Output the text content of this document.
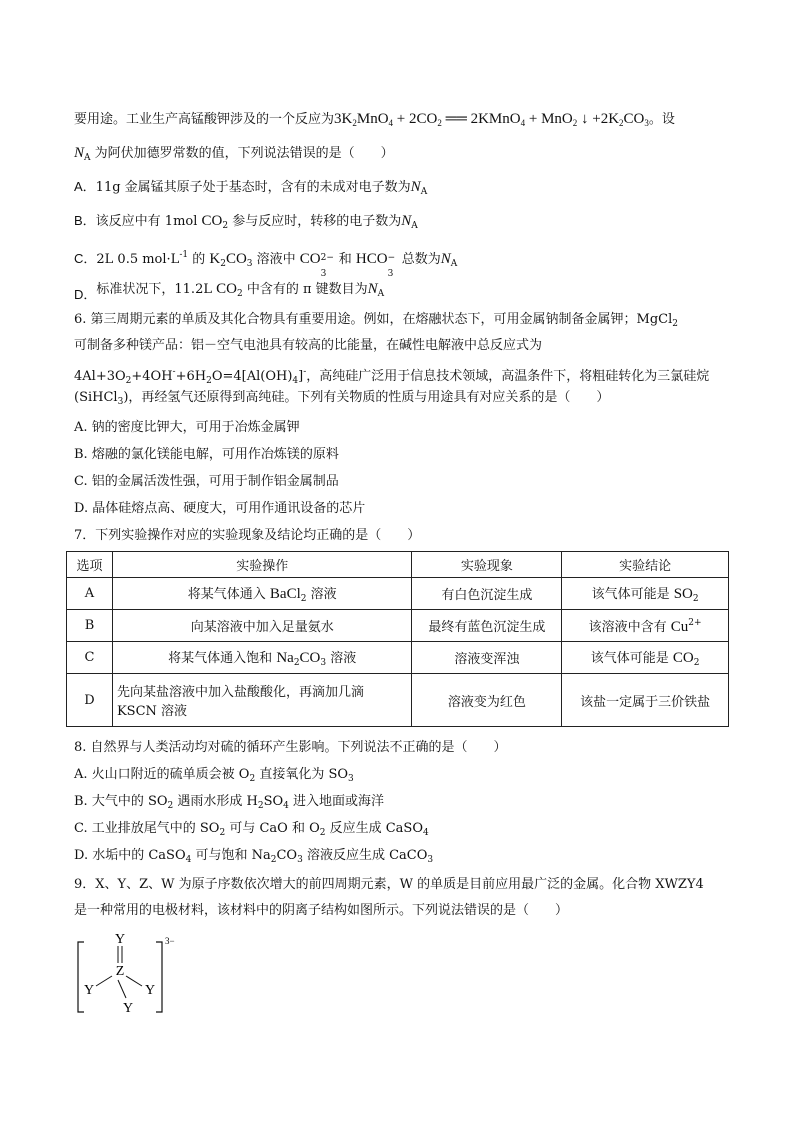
要用途。工业生产高锰酸钾涉及的一个反应为$3K_2MnO_4 + 2CO_2$ ══ 2KMnO$_4$ + MnO$_2$ ↓ $+2K_2CO_3$。设
$N_A$ 为阿伏加德罗常数的值，下列说法错误的是（　　）
A．11g 金属锰其原子处于基态时，含有的未成对电子数为$N_A$
B．该反应中有 1mol $CO_2$ 参与反应时，转移的电子数为$N_A$
C．2L 0.5 $mol\cdot L^{-1}$ 的 $K_2CO_3$ 溶液中 CO 2−
3
和 HCO −
3
总数为$N_A$
D．标准状况下，11.2L $CO_2$ 中含有的 π 键数目为$N_A$
6. 第三周期元素的单质及其化合物具有重要用途。例如，在熔融状态下，可用金属钠制备金属钾；MgCl$_2$
可制备多种镁产品：铝－空气电池具有较高的比能量，在碱性电解液中总反应式为
$4Al+3O_2+4OH^-+6H_2O=4[Al(OH)_4]^-$，高纯硅广泛用于信息技术领域，高温条件下，将粗硅转化为三氯硅烷
(SiHCl$_3$)，再经氢气还原得到高纯硅。下列有关物质的性质与用途具有对应关系的是（　　）
A. 钠的密度比钾大，可用于冶炼金属钾
B. 熔融的氯化镁能电解，可用作冶炼镁的原料
C. 铝的金属活泼性强，可用于制作铝金属制品
D. 晶体硅熔点高、硬度大，可用作通讯设备的芯片
7．下列实验操作对应的实验现象及结论均正确的是（　　）
选项	实验操作	实验现象	实验结论
A	将某气体通入 BaCl$_2$ 溶液	有白色沉淀生成	该气体可能是 $SO_2$
B	向某溶液中加入足量氨水	最终有蓝色沉淀生成	该溶液中含有 $Cu^{2+}$
C	将某气体通入饱和 $Na_2CO_3$ 溶液	溶液变浑浊	该气体可能是 $CO_2$
D	先向某盐溶液中加入盐酸酸化，再滴加几滴
KSCN 溶液	溶液变为红色	该盐一定属于三价铁盐
8. 自然界与人类活动均对硫的循环产生影响。下列说法不正确的是（　　）
A. 火山口附近的硫单质会被 $O_2$ 直接氧化为 $SO_3$
B. 大气中的 $SO_2$ 遇雨水形成 $H_2SO_4$ 进入地面或海洋
C. 工业排放尾气中的 $SO_2$ 可与 CaO 和 $O_2$ 反应生成 CaSO$_4$
D. 水垢中的 CaSO$_4$ 可与饱和 $Na_2CO_3$ 溶液反应生成 CaCO$_3$
9．X、Y、Z、W 为原子序数依次增大的前四周期元素，W 的单质是目前应用最广泛的金属。化合物 XWZY4
是一种常用的电极材料，该材料中的阴离子结构如图所示。下列说法错误的是（　　）
Y
Z
Y	Y
Y
3−
